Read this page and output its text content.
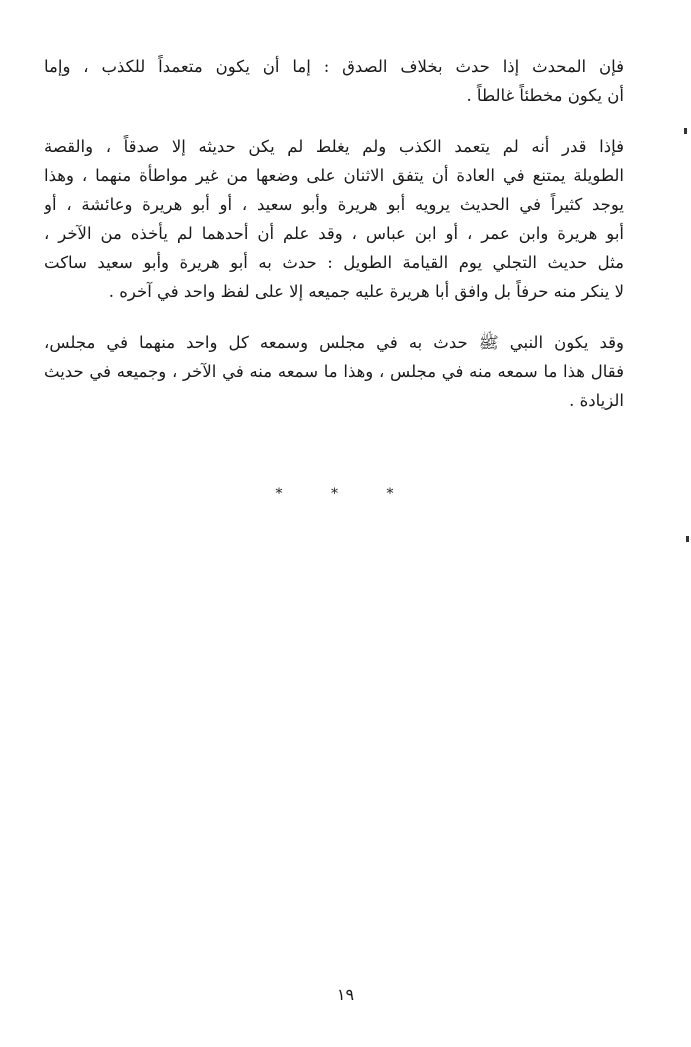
فإن المحدث إذا حدث بخلاف الصدق : إما أن يكون متعمداً للكذب ، وإما
أن يكون مخطئاً غالطاً .
فإذا قدر أنه لم يتعمد الكذب ولم يغلط لم يكن حديثه إلا صدقاً ، والقصة
الطويلة يمتنع في العادة أن يتفق الاثنان على وضعها من غير مواطأة منهما ، وهذا
يوجد كثيراً في الحديث يرويه أبو هريرة وأبو سعيد ، أو أبو هريرة وعائشة ، أو
أبو هريرة وابن عمر ، أو ابن عباس ، وقد علم أن أحدهما لم يأخذه من الآخر ،
مثل حديث التجلي يوم القيامة الطويل : حدث به أبو هريرة وأبو سعيد ساكت
لا ينكر منه حرفاً بل وافق أبا هريرة عليه جميعه إلا على لفظ واحد في آخره .
وقد يكون النبي ﷺ حدث به في مجلس وسمعه كل واحد منهما في مجلس،
فقال هذا ما سمعه منه في مجلس ، وهذا ما سمعه منه في الآخر ، وجميعه في حديث
الزيادة .
* * *
١٩
